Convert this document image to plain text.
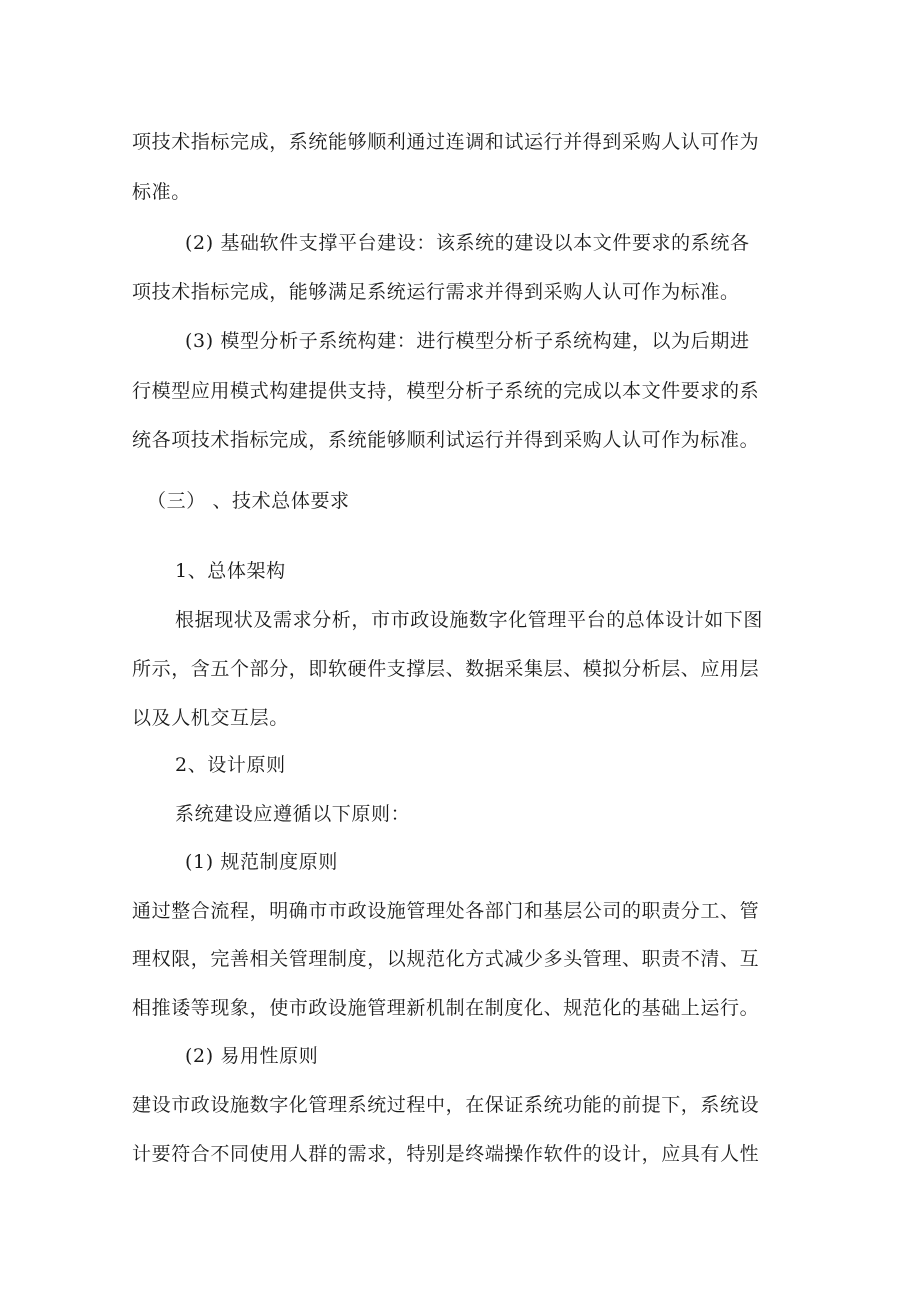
项技术指标完成，系统能够顺利通过连调和试运行并得到采购人认可作为
标准。
(2) 基础软件支撑平台建设：该系统的建设以本文件要求的系统各
项技术指标完成，能够满足系统运行需求并得到采购人认可作为标准。
(3) 模型分析子系统构建：进行模型分析子系统构建，以为后期进
行模型应用模式构建提供支持，模型分析子系统的完成以本文件要求的系
统各项技术指标完成，系统能够顺利试运行并得到采购人认可作为标准。
（三） 、技术总体要求
1、总体架构
根据现状及需求分析，市市政设施数字化管理平台的总体设计如下图
所示，含五个部分，即软硬件支撑层、数据采集层、模拟分析层、应用层
以及人机交互层。
2、设计原则
系统建设应遵循以下原则：
(1) 规范制度原则
通过整合流程，明确市市政设施管理处各部门和基层公司的职责分工、管
理权限，完善相关管理制度，以规范化方式减少多头管理、职责不清、互
相推诿等现象，使市政设施管理新机制在制度化、规范化的基础上运行。
(2) 易用性原则
建设市政设施数字化管理系统过程中，在保证系统功能的前提下，系统设
计要符合不同使用人群的需求，特别是终端操作软件的设计，应具有人性
